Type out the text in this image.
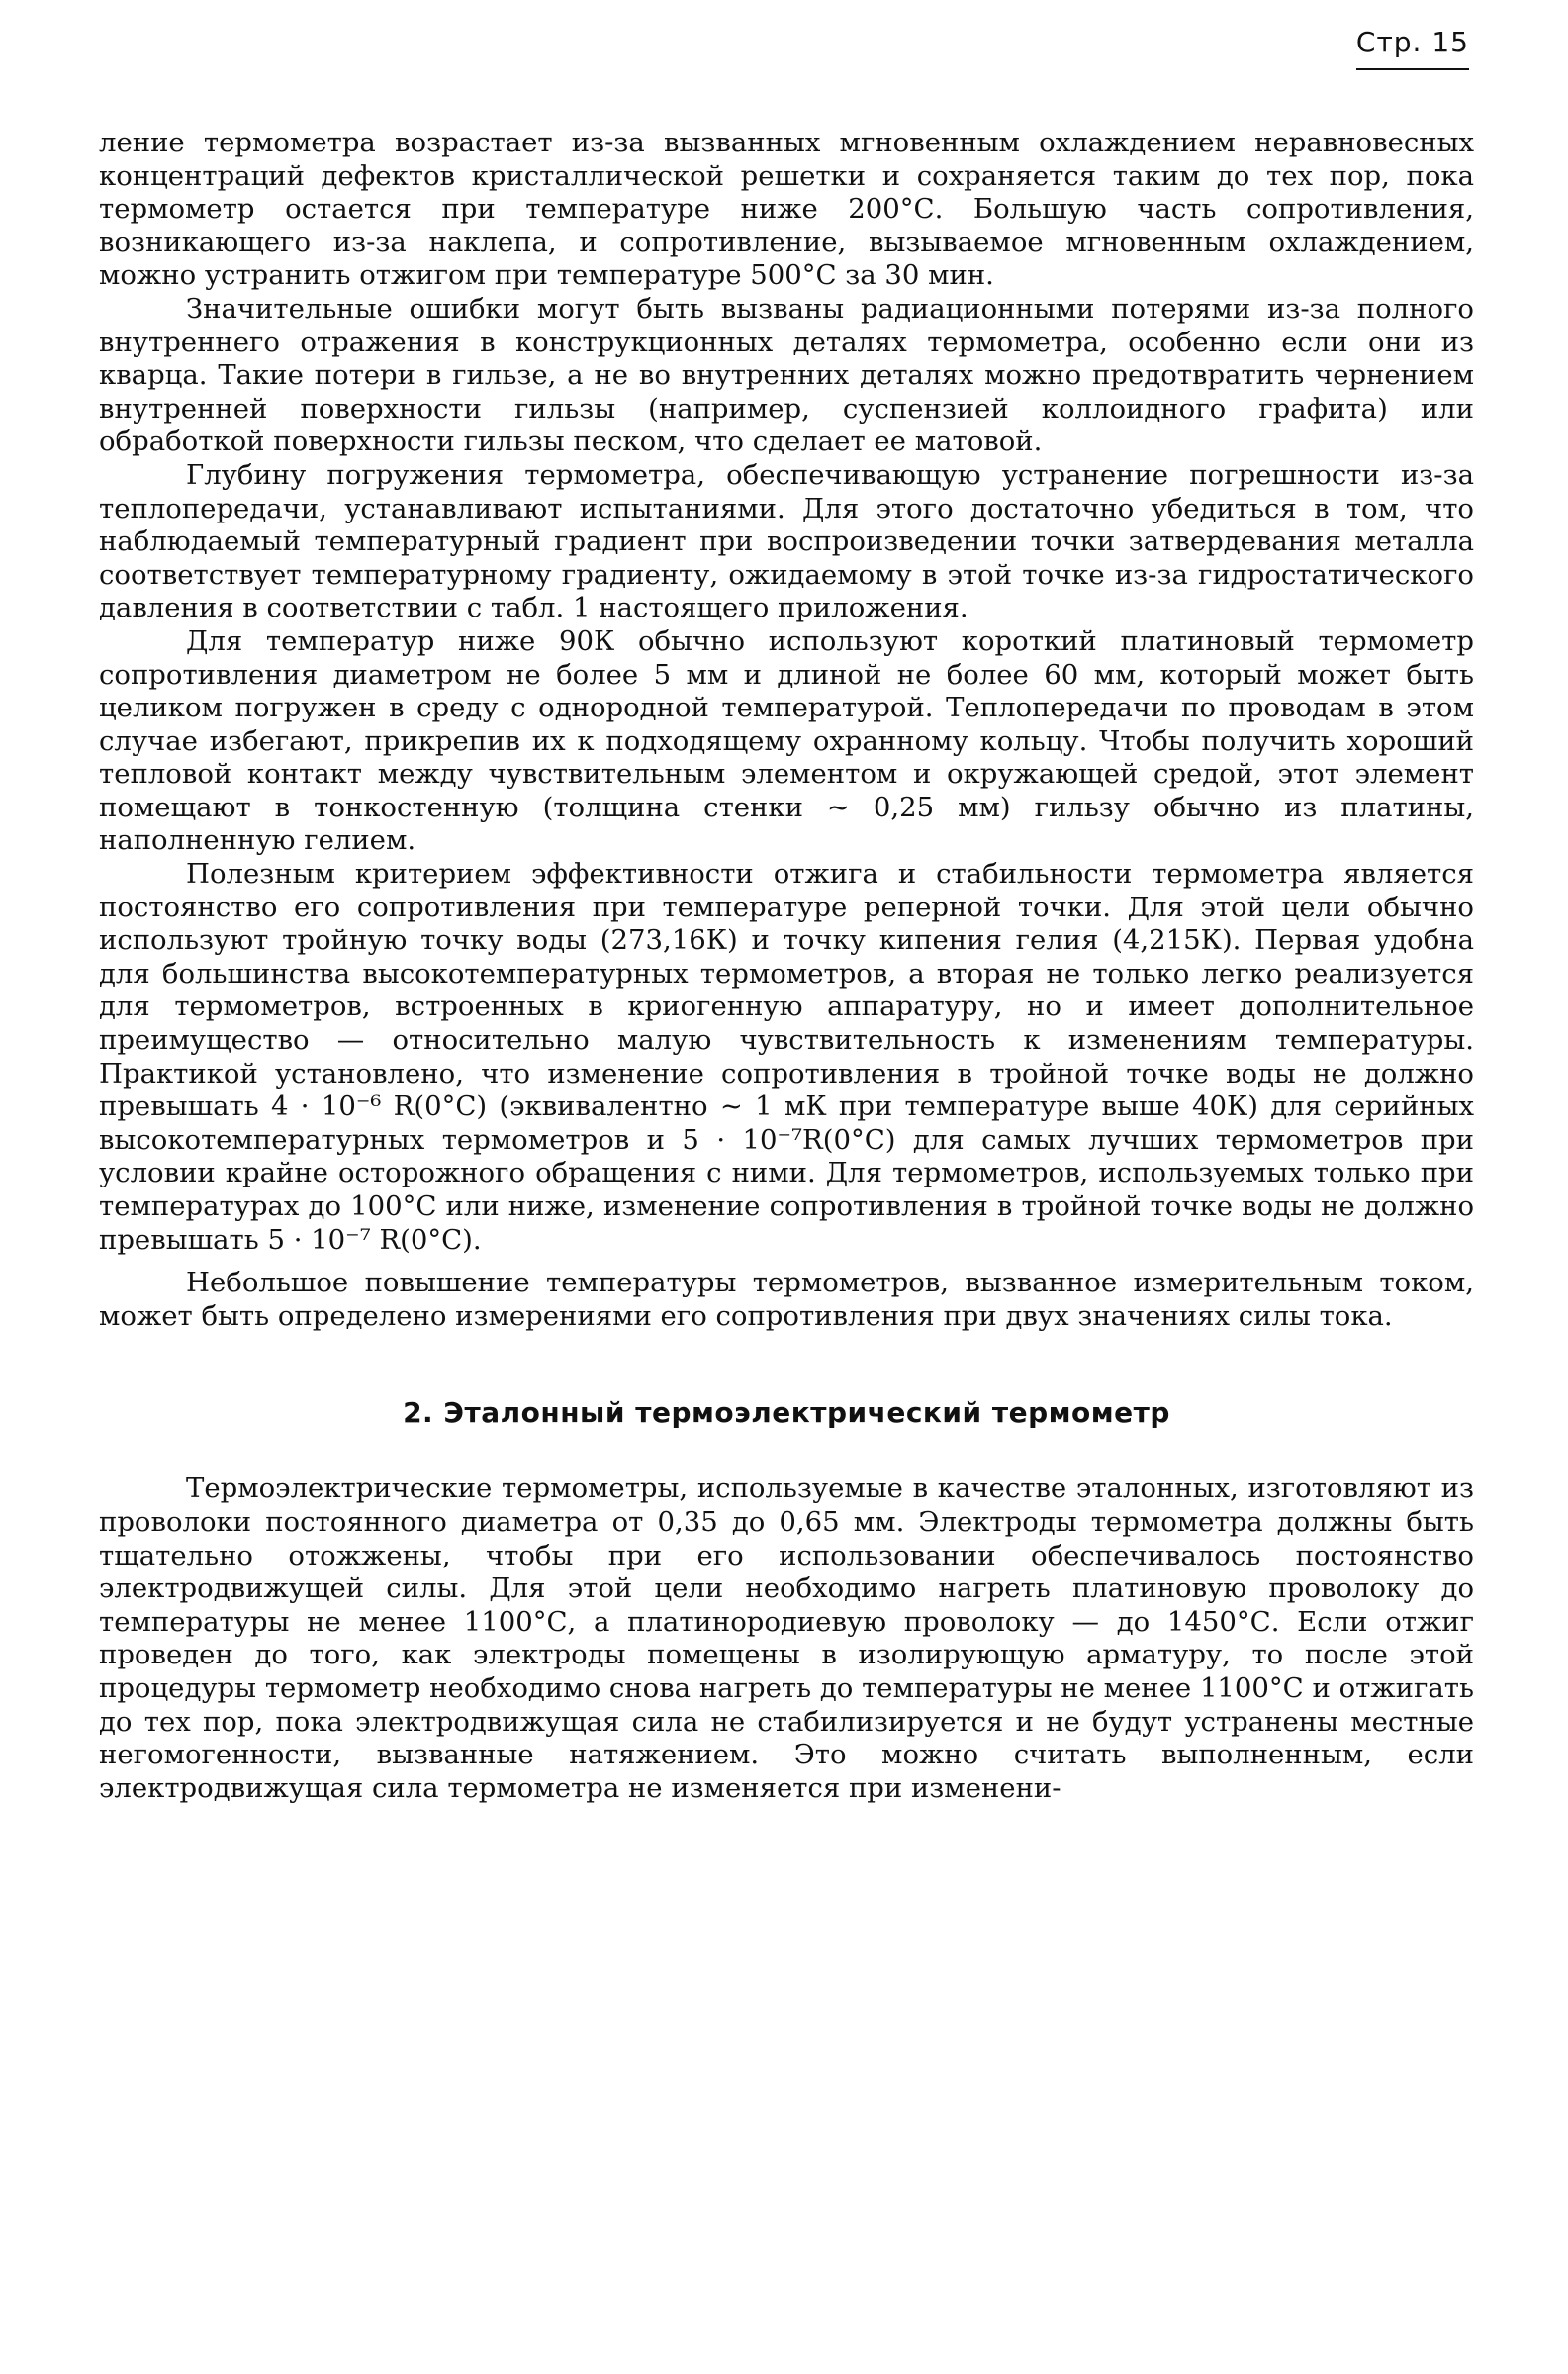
Стр. 15

ление термометра возрастает из-за вызванных мгновенным охлаждением неравновесных концентраций дефектов кристаллической решетки и сохраняется таким до тех пор, пока термометр остается при температуре ниже 200°С. Большую часть сопротивления, возникающего из-за наклепа, и сопротивление, вызываемое мгновенным охлаждением, можно устранить отжигом при температуре 500°С за 30 мин.

Значительные ошибки могут быть вызваны радиационными потерями из-за полного внутреннего отражения в конструкционных деталях термометра, особенно если они из кварца. Такие потери в гильзе, а не во внутренних деталях можно предотвратить чернением внутренней поверхности гильзы (например, суспензией коллоидного графита) или обработкой поверхности гильзы песком, что сделает ее матовой.

Глубину погружения термометра, обеспечивающую устранение погрешности из-за теплопередачи, устанавливают испытаниями. Для этого достаточно убедиться в том, что наблюдаемый температурный градиент при воспроизведении точки затвердевания металла соответствует температурному градиенту, ожидаемому в этой точке из-за гидростатического давления в соответствии с табл. 1 настоящего приложения.

Для температур ниже 90К обычно используют короткий платиновый термометр сопротивления диаметром не более 5 мм и длиной не более 60 мм, который может быть целиком погружен в среду с однородной температурой. Теплопередачи по проводам в этом случае избегают, прикрепив их к подходящему охранному кольцу. Чтобы получить хороший тепловой контакт между чувствительным элементом и окружающей средой, этот элемент помещают в тонкостенную (толщина стенки ~ 0,25 мм) гильзу обычно из платины, наполненную гелием.

Полезным критерием эффективности отжига и стабильности термометра является постоянство его сопротивления при температуре реперной точки. Для этой цели обычно используют тройную точку воды (273,16К) и точку кипения гелия (4,215К). Первая удобна для большинства высокотемпературных термометров, а вторая не только легко реализуется для термометров, встроенных в криогенную аппаратуру, но и имеет дополнительное преимущество — относительно малую чувствительность к изменениям температуры. Практикой установлено, что изменение сопротивления в тройной точке воды не должно превышать 4 · 10⁻⁶ R(0°С) (эквивалентно ~ 1 мК при температуре выше 40К) для серийных высокотемпературных термометров и 5 · 10⁻⁷R(0°С) для самых лучших термометров при условии крайне осторожного обращения с ними. Для термометров, используемых только при температурах до 100°С или ниже, изменение сопротивления в тройной точке воды не должно превышать 5 · 10⁻⁷ R(0°С).

Небольшое повышение температуры термометров, вызванное измерительным током, может быть определено измерениями его сопротивления при двух значениях силы тока.

2. Эталонный термоэлектрический термометр

Термоэлектрические термометры, используемые в качестве эталонных, изготовляют из проволоки постоянного диаметра от 0,35 до 0,65 мм. Электроды термометра должны быть тщательно отожжены, чтобы при его использовании обеспечивалось постоянство электродвижущей силы. Для этой цели необходимо нагреть платиновую проволоку до температуры не менее 1100°С, а платинородиевую проволоку — до 1450°С. Если отжиг проведен до того, как электроды помещены в изолирующую арматуру, то после этой процедуры термометр необходимо снова нагреть до температуры не менее 1100°С и отжигать до тех пор, пока электродвижущая сила не стабилизируется и не будут устранены местные негомогенности, вызванные натяжением. Это можно считать выполненным, если электродвижущая сила термометра не изменяется при изменени-
